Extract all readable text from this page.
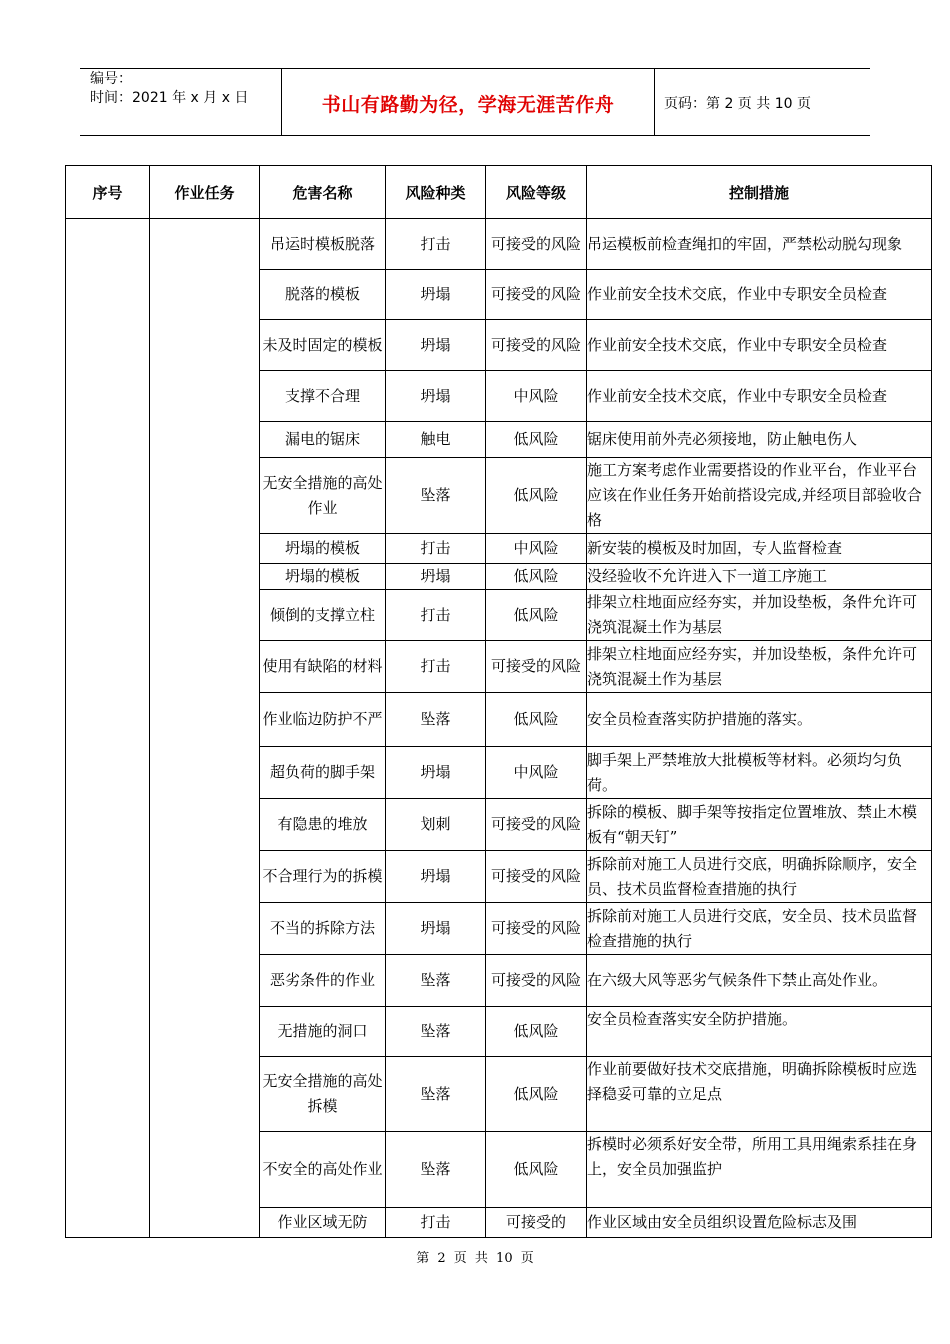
编号：
时间：2021 年 x 月 x 日	书山有路勤为径，学海无涯苦作舟	页码：第 2 页 共 10 页
序号	作业任务	危害名称	风险种类	风险等级	控制措施
		吊运时模板脱落	打击	可接受的风险	吊运模板前检查绳扣的牢固，严禁松动脱勾现象
		脱落的模板	坍塌	可接受的风险	作业前安全技术交底，作业中专职安全员检查
		未及时固定的模板	坍塌	可接受的风险	作业前安全技术交底，作业中专职安全员检查
		支撑不合理	坍塌	中风险	作业前安全技术交底，作业中专职安全员检查
		漏电的锯床	触电	低风险	锯床使用前外壳必须接地，防止触电伤人
		无安全措施的高处作业	坠落	低风险	施工方案考虑作业需要搭设的作业平台，作业平台应该在作业任务开始前搭设完成,并经项目部验收合格
		坍塌的模板	打击	中风险	新安装的模板及时加固，专人监督检查
		坍塌的模板	坍塌	低风险	没经验收不允许进入下一道工序施工
		倾倒的支撑立柱	打击	低风险	排架立柱地面应经夯实，并加设垫板，条件允许可浇筑混凝土作为基层
		使用有缺陷的材料	打击	可接受的风险	排架立柱地面应经夯实，并加设垫板，条件允许可浇筑混凝土作为基层
		作业临边防护不严	坠落	低风险	安全员检查落实防护措施的落实。
		超负荷的脚手架	坍塌	中风险	脚手架上严禁堆放大批模板等材料。必须均匀负荷。
		有隐患的堆放	划刺	可接受的风险	拆除的模板、脚手架等按指定位置堆放、禁止木模板有“朝天钉”
		不合理行为的拆模	坍塌	可接受的风险	拆除前对施工人员进行交底，明确拆除顺序，安全员、技术员监督检查措施的执行
		不当的拆除方法	坍塌	可接受的风险	拆除前对施工人员进行交底，安全员、技术员监督检查措施的执行
		恶劣条件的作业	坠落	可接受的风险	在六级大风等恶劣气候条件下禁止高处作业。
		无措施的洞口	坠落	低风险	安全员检查落实安全防护措施。
		无安全措施的高处拆模	坠落	低风险	作业前要做好技术交底措施，明确拆除模板时应选择稳妥可靠的立足点
		不安全的高处作业	坠落	低风险	拆模时必须系好安全带，所用工具用绳索系挂在身上，安全员加强监护
		作业区域无防	打击	可接受的	作业区域由安全员组织设置危险标志及围
第 2 页 共 10 页
